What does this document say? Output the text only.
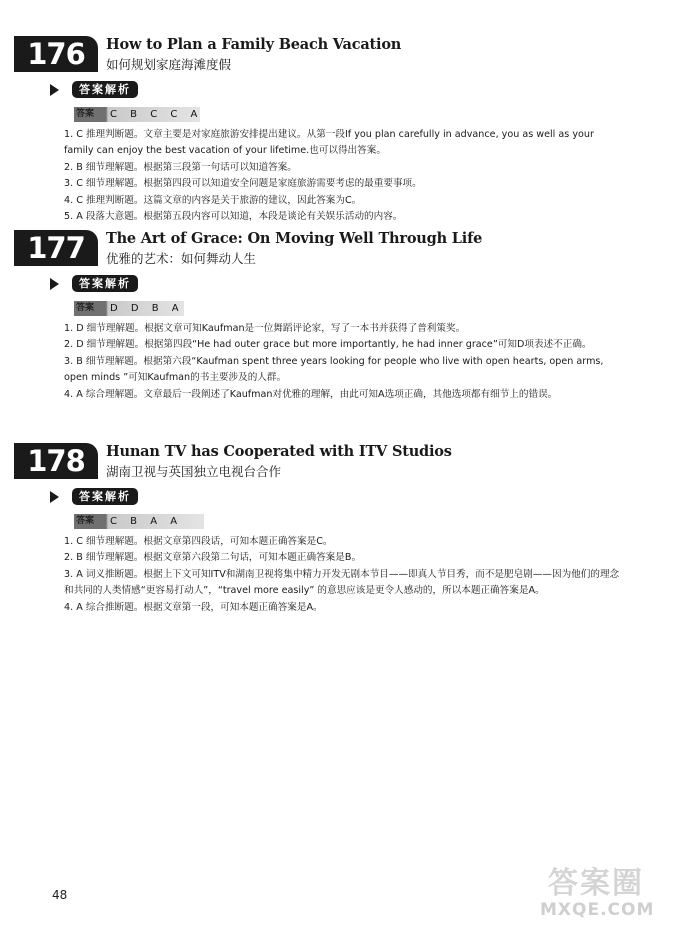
176	How to Plan a Family Beach Vacation
如何规划家庭海滩度假
答案解析
答案 C B C C A
1. C 推理判断题。文章主要是对家庭旅游安排提出建议。从第一段If you plan carefully in advance, you as well as your family can enjoy the best vacation of your lifetime.也可以得出答案。
2. B 细节理解题。根据第三段第一句话可以知道答案。
3. C 细节理解题。根据第四段可以知道安全问题是家庭旅游需要考虑的最重要事项。
4. C 推理判断题。这篇文章的内容是关于旅游的建议，因此答案为C。
5. A 段落大意题。根据第五段内容可以知道，本段是谈论有关娱乐活动的内容。
177	The Art of Grace: On Moving Well Through Life
优雅的艺术：如何舞动人生
答案解析
答案 D D B A
1. D 细节理解题。根据文章可知Kaufman是一位舞蹈评论家，写了一本书并获得了普利策奖。
2. D 细节理解题。根据第四段“He had outer grace but more importantly, he had inner grace”可知D项表述不正确。
3. B 细节理解题。根据第六段“Kaufman spent three years looking for people who live with open hearts, open arms, open minds ”可知Kaufman的书主要涉及的人群。
4. A 综合理解题。文章最后一段阐述了Kaufman对优雅的理解，由此可知A选项正确，其他选项都有细节上的错误。
178	Hunan TV has Cooperated with ITV Studios
湖南卫视与英国独立电视台合作
答案解析
答案 C B A A
1. C 细节理解题。根据文章第四段话，可知本题正确答案是C。
2. B 细节理解题。根据文章第六段第二句话，可知本题正确答案是B。
3. A 词义推断题。根据上下文可知ITV和湖南卫视将集中精力开发无剧本节目——即真人节目秀，而不是肥皂剧——因为他们的理念和共同的人类情感“更容易打动人”，“travel more easily” 的意思应该是更令人感动的，所以本题正确答案是A。
4. A 综合推断题。根据文章第一段，可知本题正确答案是A。
48	答案圈
MXQE.COM
